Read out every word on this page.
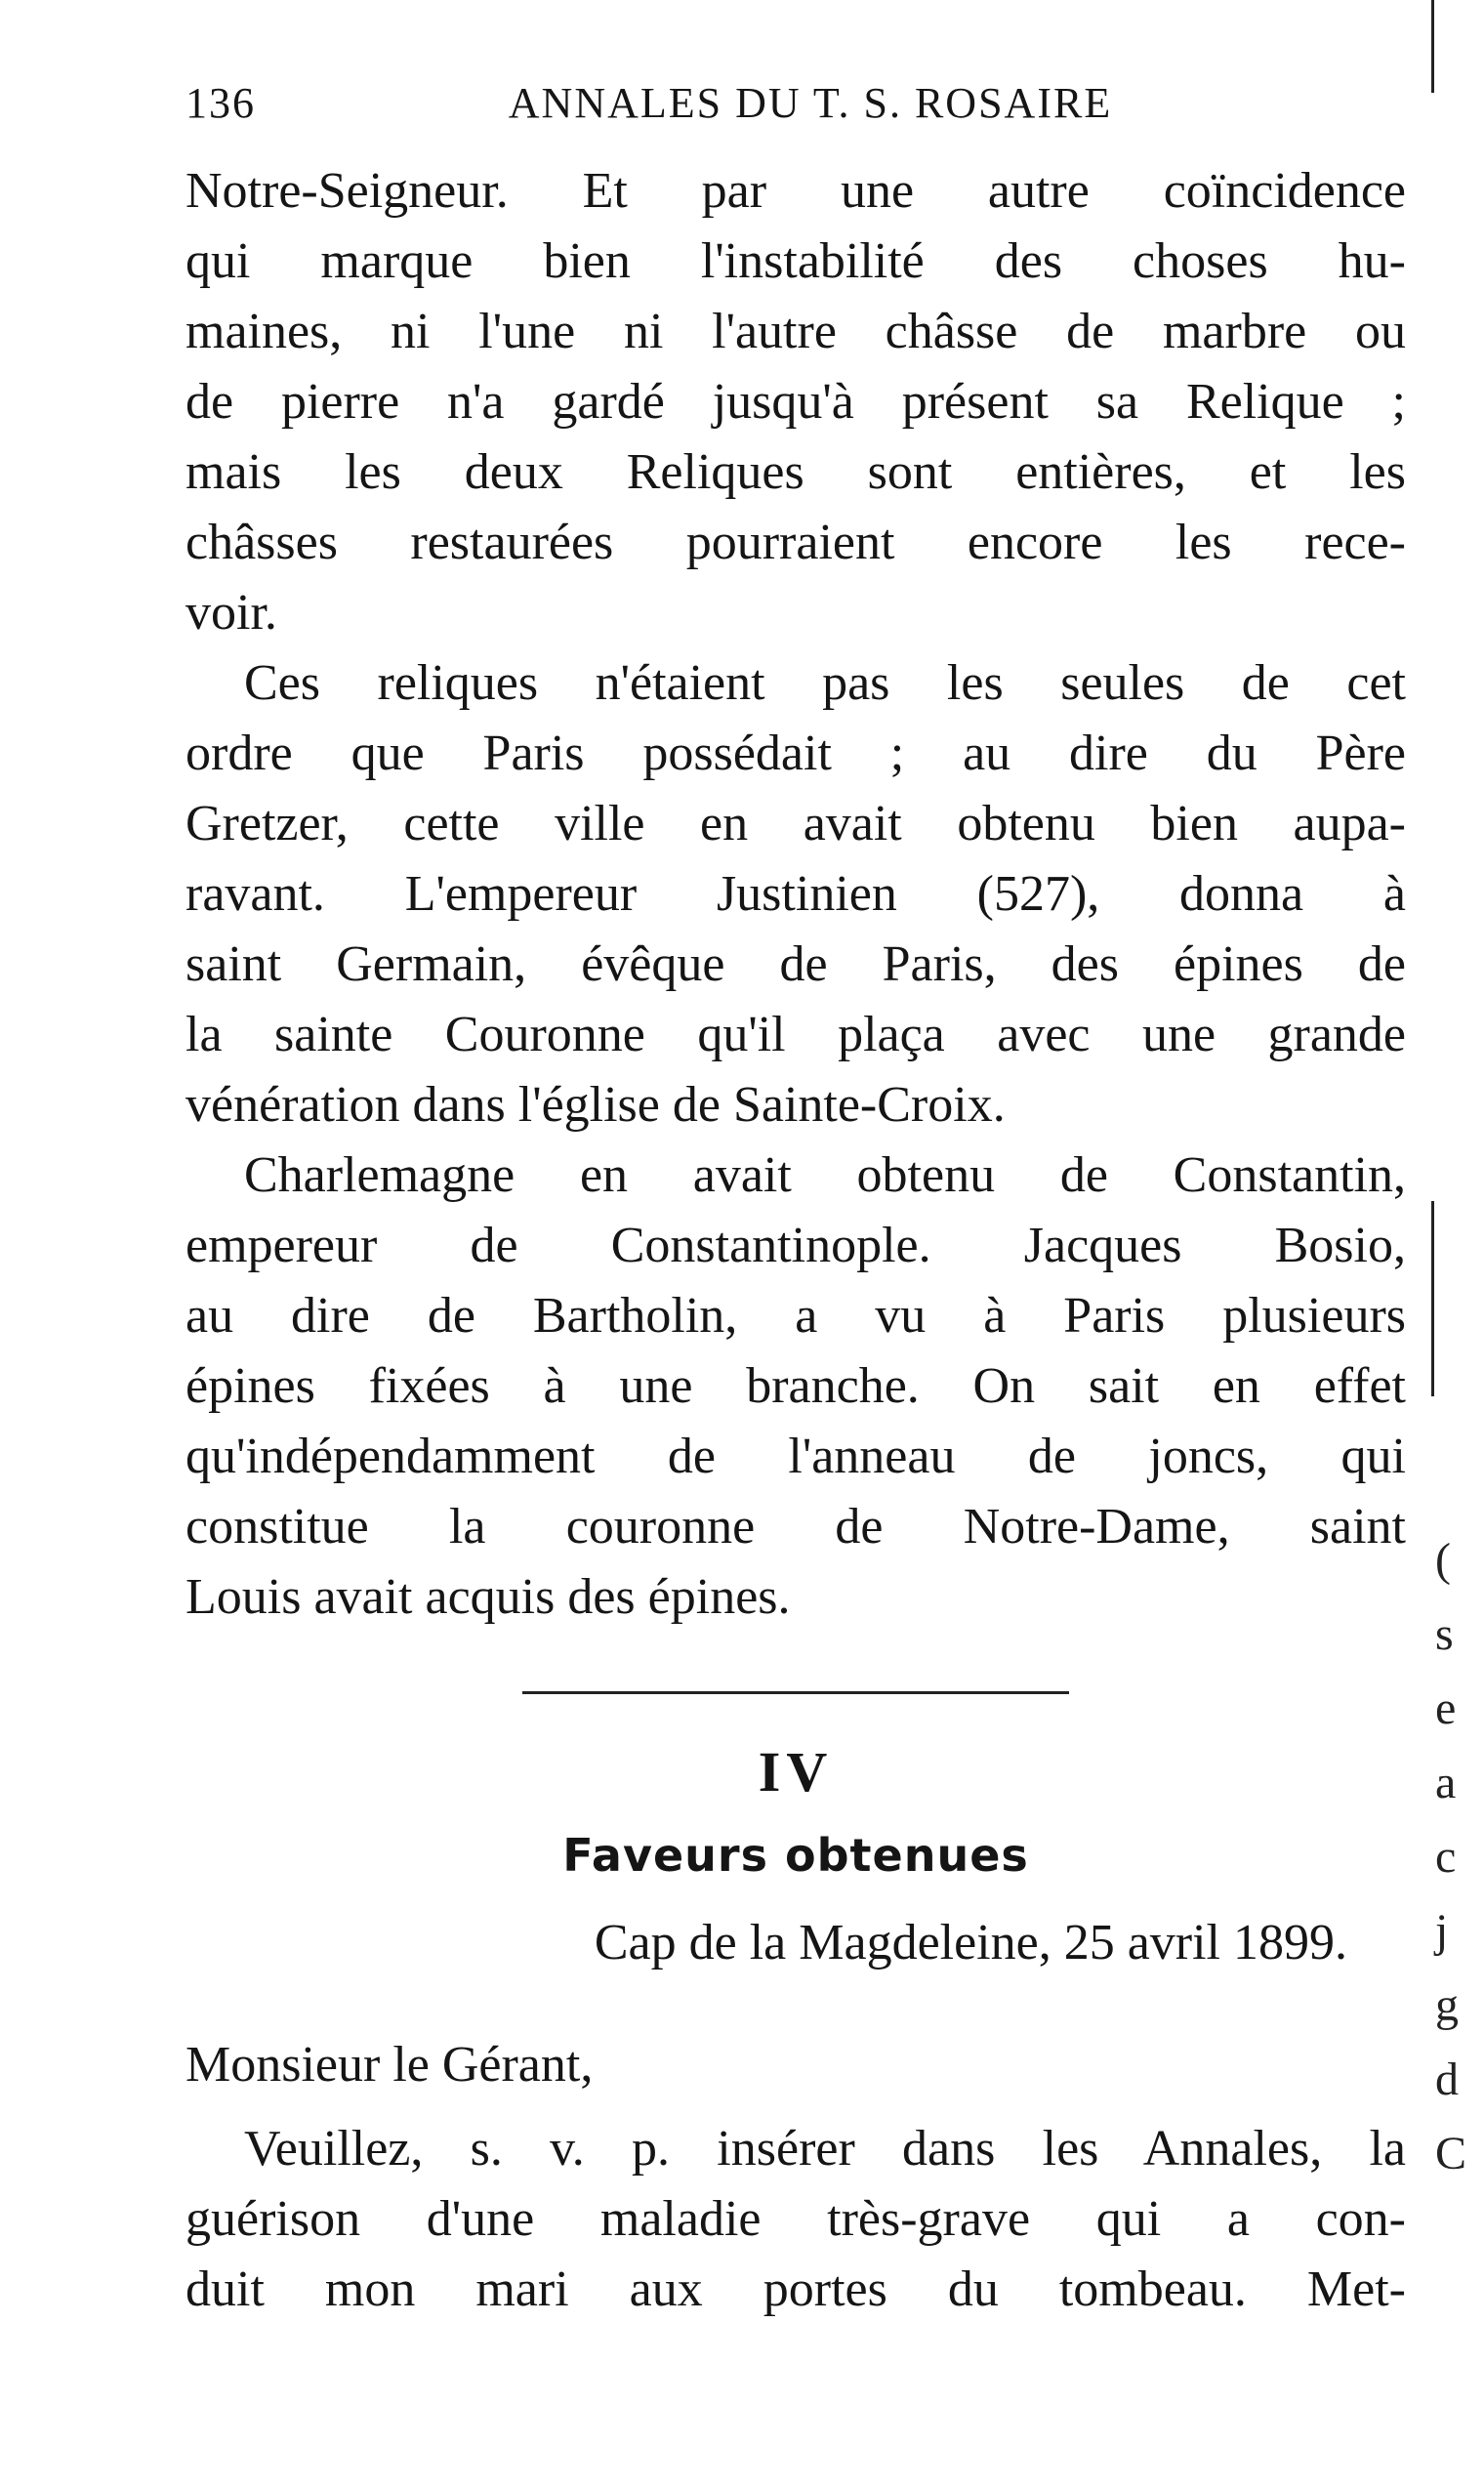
136	ANNALES DU T. S. ROSAIRE
Notre-Seigneur. Et par une autre coïncidence
qui marque bien l'instabilité des choses hu-
maines, ni l'une ni l'autre châsse de marbre ou
de pierre n'a gardé jusqu'à présent sa Relique ;
mais les deux Reliques sont entières, et les
châsses restaurées pourraient encore les rece-
voir.
Ces reliques n'étaient pas les seules de cet
ordre que Paris possédait ; au dire du Père
Gretzer, cette ville en avait obtenu bien aupa-
ravant. L'empereur Justinien (527), donna à
saint Germain, évêque de Paris, des épines de
la sainte Couronne qu'il plaça avec une grande
vénération dans l'église de Sainte-Croix.
Charlemagne en avait obtenu de Constantin,
empereur de Constantinople. Jacques Bosio,
au dire de Bartholin, a vu à Paris plusieurs
épines fixées à une branche. On sait en effet
qu'indépendamment de l'anneau de joncs, qui
constitue la couronne de Notre-Dame, saint
Louis avait acquis des épines.
IV
Faveurs obtenues
Cap de la Magdeleine, 25 avril 1899.
Monsieur le Gérant,
Veuillez, s. v. p. insérer dans les Annales, la
guérison d'une maladie très-grave qui a con-
duit mon mari aux portes du tombeau. Met-
(
s
e
a
c
j
g
d
C
